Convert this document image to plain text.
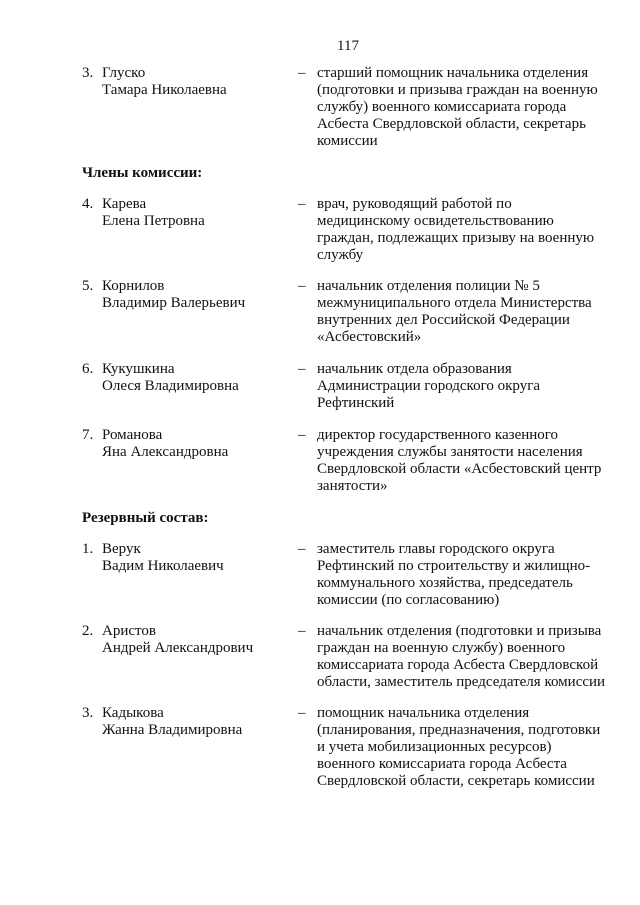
117
3. Глуско
Тамара Николаевна
– старший помощник начальника отделения
(подготовки и призыва граждан на военную
службу) военного комиссариата города
Асбеста Свердловской области, секретарь
комиссии
Члены комиссии:
4. Карева
Елена Петровна
– врач, руководящий работой по
медицинскому освидетельствованию
граждан, подлежащих призыву на военную
службу
5. Корнилов
Владимир Валерьевич
– начальник отделения полиции № 5
межмуниципального отдела Министерства
внутренних дел Российской Федерации
«Асбестовский»
6. Кукушкина
Олеся Владимировна
– начальник отдела образования
Администрации городского округа
Рефтинский
7. Романова
Яна Александровна
– директор государственного казенного
учреждения службы занятости населения
Свердловской области «Асбестовский центр
занятости»
Резервный состав:
1. Верук
Вадим Николаевич
– заместитель главы городского округа
Рефтинский по строительству и жилищно-
коммунального хозяйства, председатель
комиссии (по согласованию)
2. Аристов
Андрей Александрович
– начальник отделения (подготовки и призыва
граждан на военную службу) военного
комиссариата города Асбеста Свердловской
области, заместитель председателя комиссии
3. Кадыкова
Жанна Владимировна
– помощник начальника отделения
(планирования, предназначения, подготовки
и учета мобилизационных ресурсов)
военного комиссариата города Асбеста
Свердловской области, секретарь комиссии
